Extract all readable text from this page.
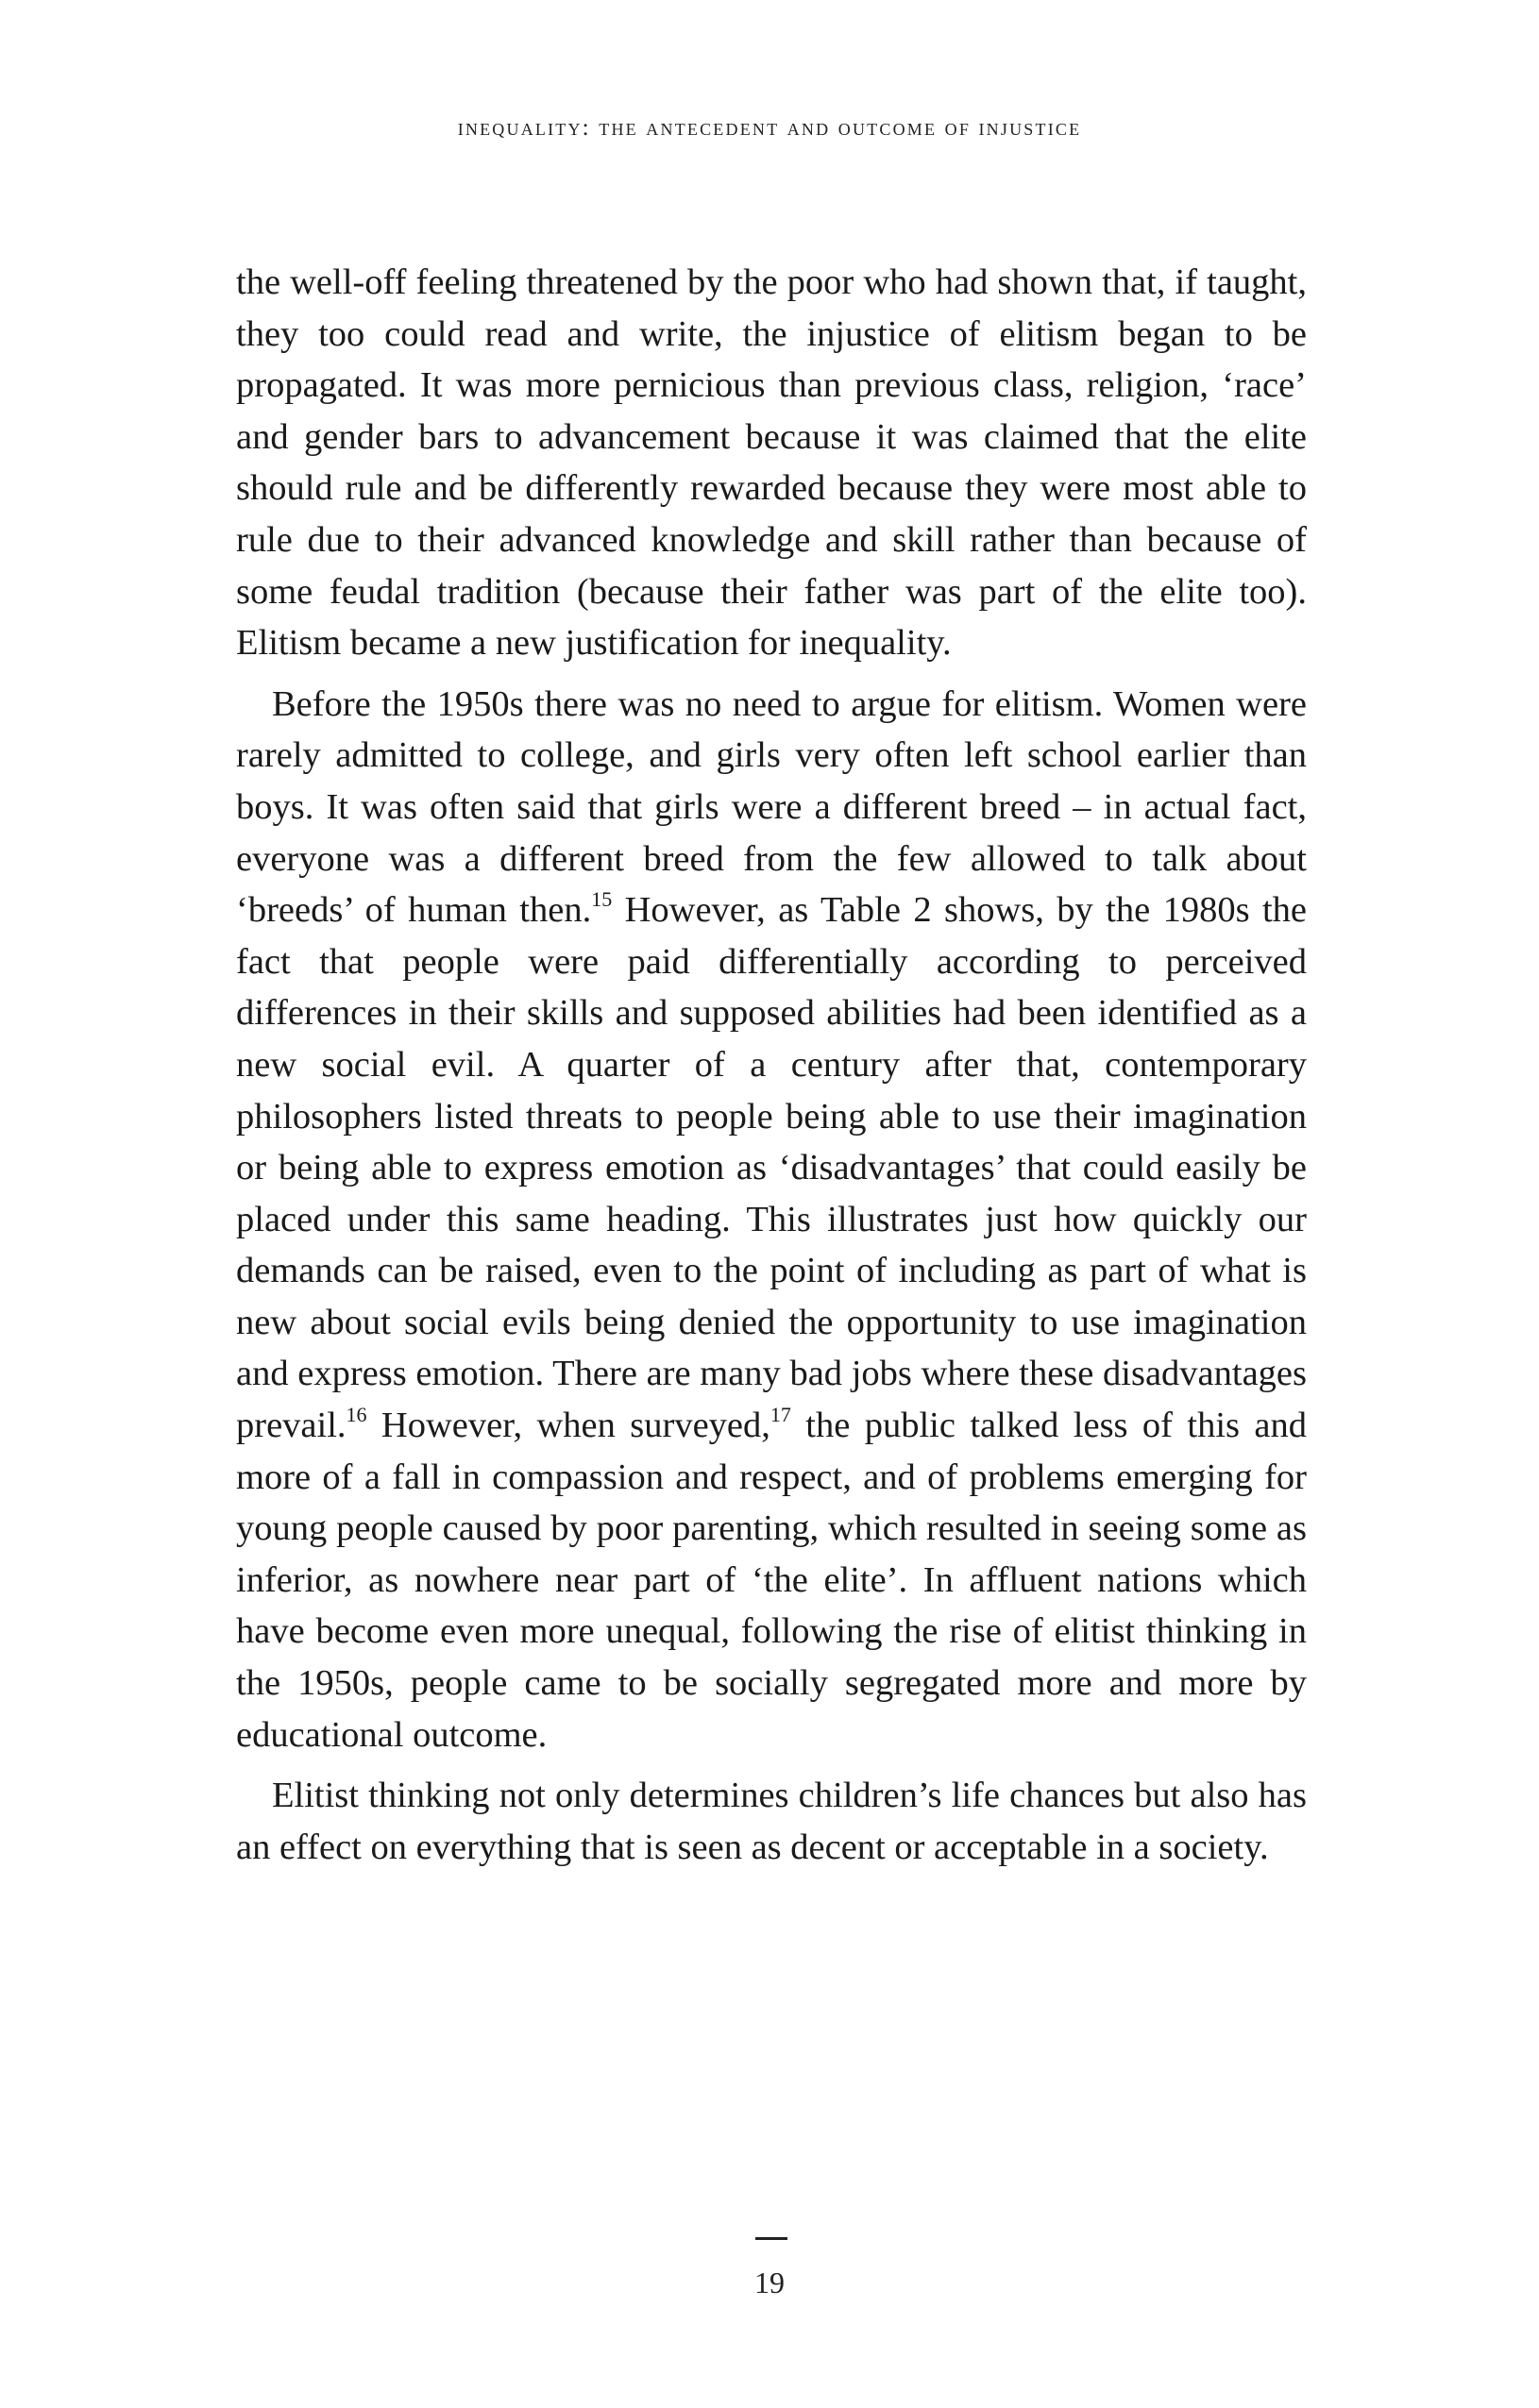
inequality: the antecedent and outcome of injustice

the well-off feeling threatened by the poor who had shown that, if taught, they too could read and write, the injustice of elitism began to be propagated. It was more pernicious than previous class, religion, ‘race’ and gender bars to advancement because it was claimed that the elite should rule and be differently rewarded because they were most able to rule due to their advanced knowledge and skill rather than because of some feudal tradition (because their father was part of the elite too). Elitism became a new justification for inequality.

Before the 1950s there was no need to argue for elitism. Women were rarely admitted to college, and girls very often left school earlier than boys. It was often said that girls were a different breed – in actual fact, everyone was a different breed from the few allowed to talk about ‘breeds’ of human then.$^{15}$ However, as Table 2 shows, by the 1980s the fact that people were paid differentially according to perceived differences in their skills and supposed abilities had been identified as a new social evil. A quarter of a century after that, contemporary philosophers listed threats to people being able to use their imagination or being able to express emotion as ‘disadvantages’ that could easily be placed under this same heading. This illustrates just how quickly our demands can be raised, even to the point of including as part of what is new about social evils being denied the opportunity to use imagination and express emotion. There are many bad jobs where these disadvantages prevail.$^{16}$ However, when surveyed,$^{17}$ the public talked less of this and more of a fall in compassion and respect, and of problems emerging for young people caused by poor parenting, which resulted in seeing some as inferior, as nowhere near part of ‘the elite’. In affluent nations which have become even more unequal, following the rise of elitist thinking in the 1950s, people came to be socially segregated more and more by educational outcome.

Elitist thinking not only determines children’s life chances but also has an effect on everything that is seen as decent or acceptable in a society.

19
